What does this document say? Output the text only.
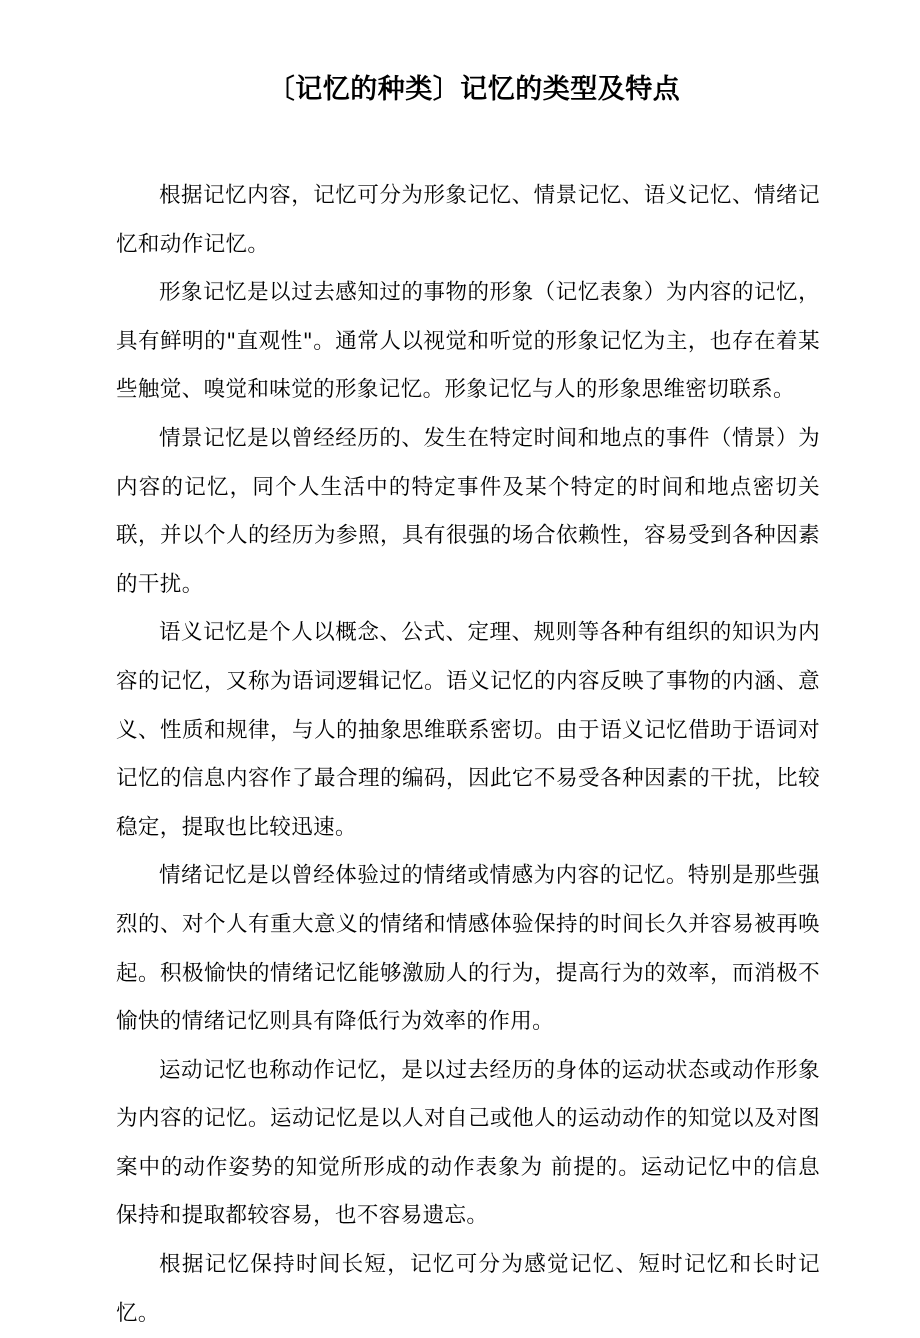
〔记忆的种类〕记忆的类型及特点

根据记忆内容，记忆可分为形象记忆、情景记忆、语义记忆、情绪记忆和动作记忆。

形象记忆是以过去感知过的事物的形象（记忆表象）为内容的记忆，具有鲜明的"直观性"。通常人以视觉和听觉的形象记忆为主，也存在着某些触觉、嗅觉和味觉的形象记忆。形象记忆与人的形象思维密切联系。

情景记忆是以曾经经历的、发生在特定时间和地点的事件（情景）为内容的记忆，同个人生活中的特定事件及某个特定的时间和地点密切关联，并以个人的经历为参照，具有很强的场合依赖性，容易受到各种因素的干扰。

语义记忆是个人以概念、公式、定理、规则等各种有组织的知识为内容的记忆，又称为语词逻辑记忆。语义记忆的内容反映了事物的内涵、意义、性质和规律，与人的抽象思维联系密切。由于语义记忆借助于语词对记忆的信息内容作了最合理的编码，因此它不易受各种因素的干扰，比较稳定，提取也比较迅速。

情绪记忆是以曾经体验过的情绪或情感为内容的记忆。特别是那些强烈的、对个人有重大意义的情绪和情感体验保持的时间长久并容易被再唤起。积极愉快的情绪记忆能够激励人的行为，提高行为的效率，而消极不愉快的情绪记忆则具有降低行为效率的作用。

运动记忆也称动作记忆，是以过去经历的身体的运动状态或动作形象为内容的记忆。运动记忆是以人对自己或他人的运动动作的知觉以及对图案中的动作姿势的知觉所形成的动作表象为 前提的。运动记忆中的信息保持和提取都较容易，也不容易遗忘。

根据记忆保持时间长短，记忆可分为感觉记忆、短时记忆和长时记忆。
